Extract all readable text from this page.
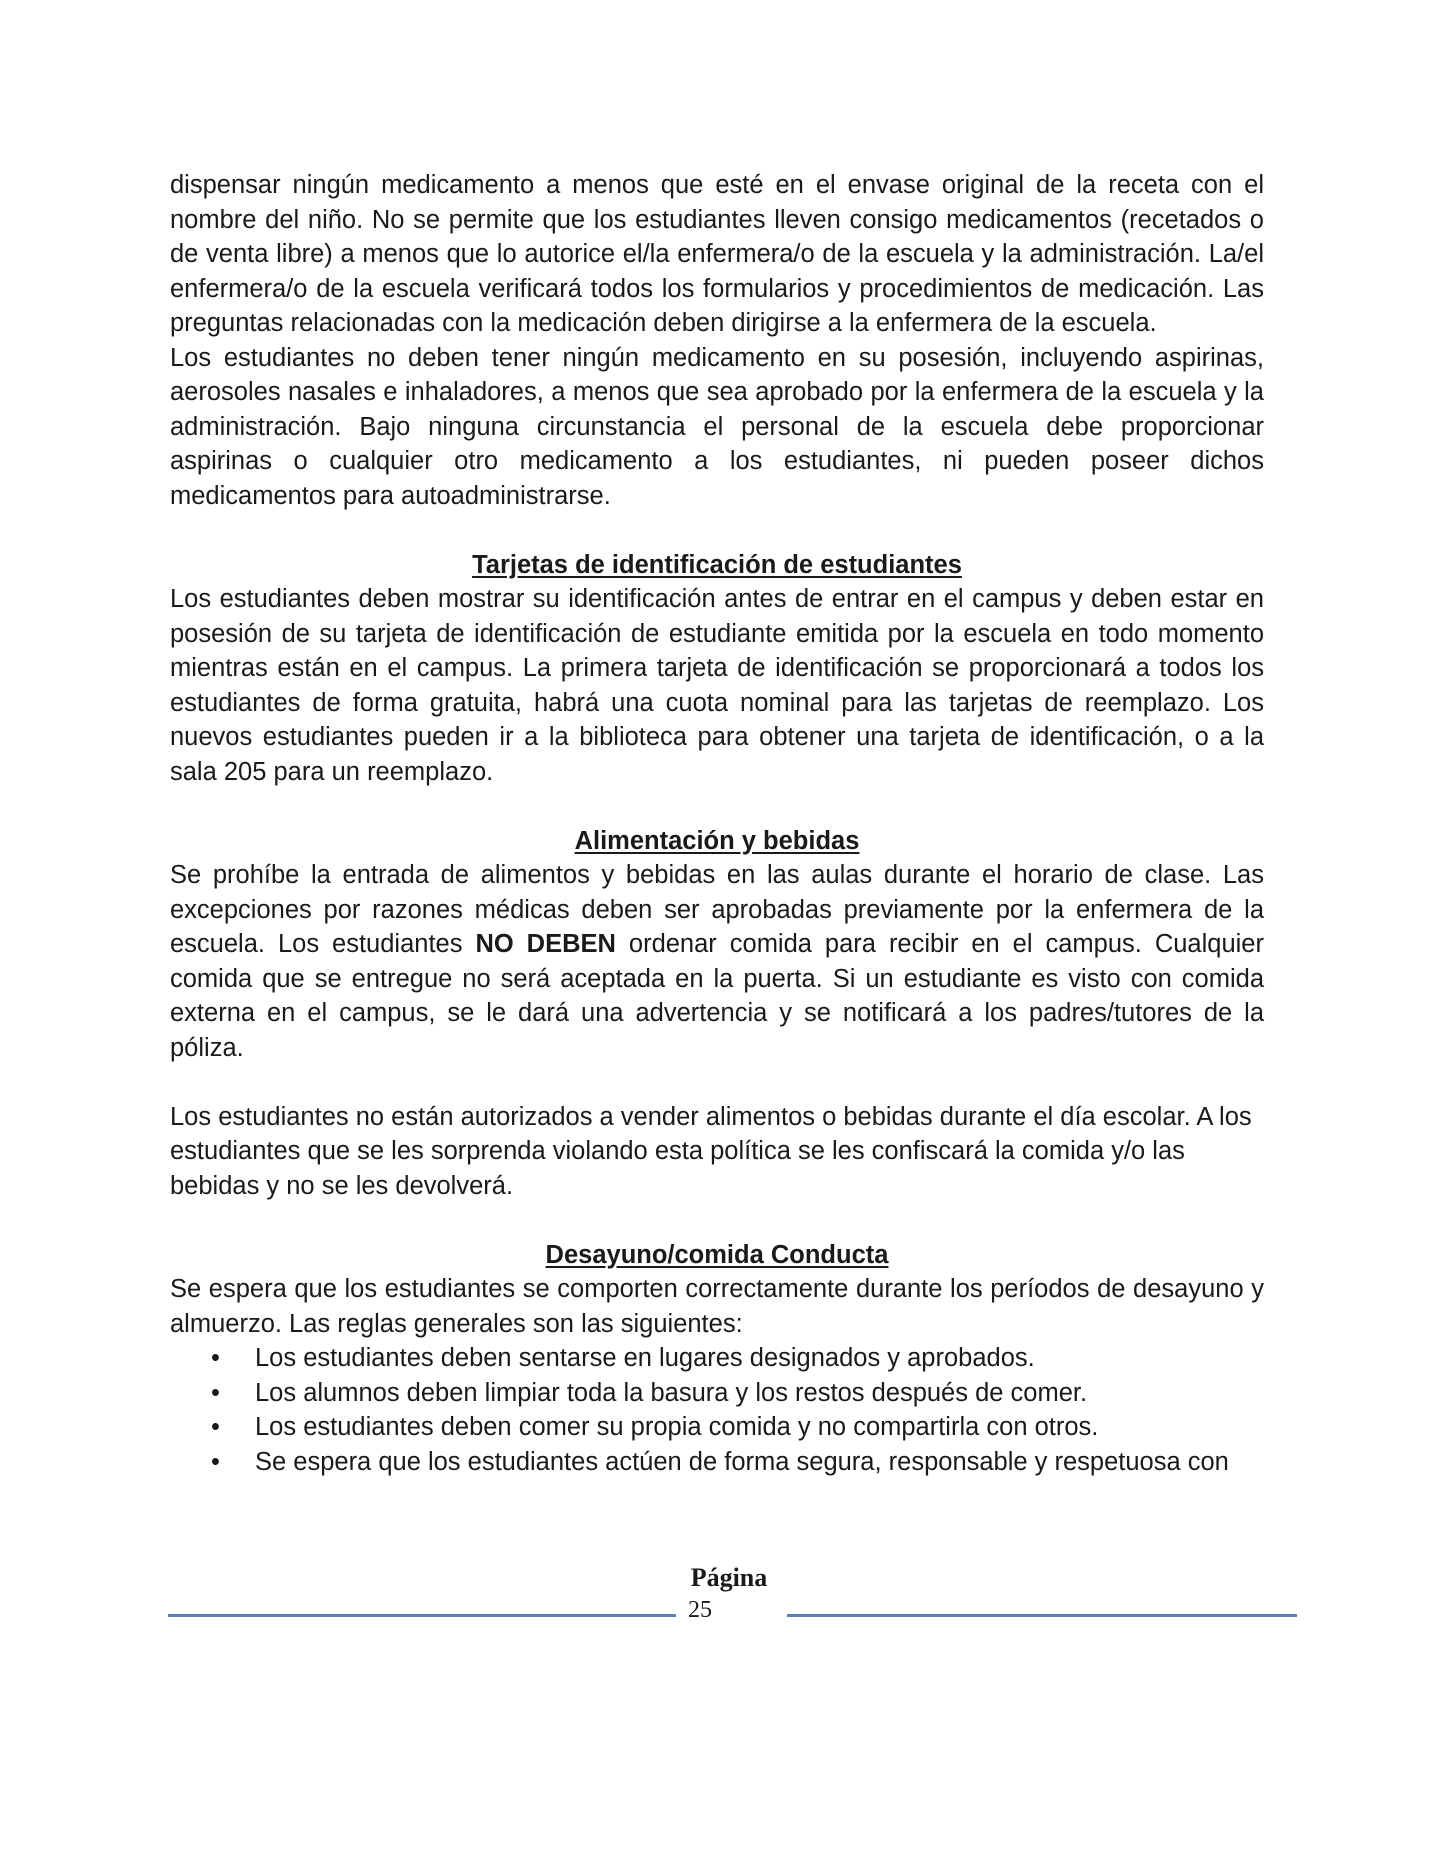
dispensar ningún medicamento a menos que esté en el envase original de la receta con el nombre del niño. No se permite que los estudiantes lleven consigo medicamentos (recetados o de venta libre) a menos que lo autorice el/la enfermera/o de la escuela y la administración. La/el enfermera/o de la escuela verificará todos los formularios y procedimientos de medicación. Las preguntas relacionadas con la medicación deben dirigirse a la enfermera de la escuela.

Los estudiantes no deben tener ningún medicamento en su posesión, incluyendo aspirinas, aerosoles nasales e inhaladores, a menos que sea aprobado por la enfermera de la escuela y la administración. Bajo ninguna circunstancia el personal de la escuela debe proporcionar aspirinas o cualquier otro medicamento a los estudiantes, ni pueden poseer dichos medicamentos para autoadministrarse.

Tarjetas de identificación de estudiantes

Los estudiantes deben mostrar su identificación antes de entrar en el campus y deben estar en posesión de su tarjeta de identificación de estudiante emitida por la escuela en todo momento mientras están en el campus. La primera tarjeta de identificación se proporcionará a todos los estudiantes de forma gratuita, habrá una cuota nominal para las tarjetas de reemplazo. Los nuevos estudiantes pueden ir a la biblioteca para obtener una tarjeta de identificación, o a la sala 205 para un reemplazo.

Alimentación y bebidas

Se prohíbe la entrada de alimentos y bebidas en las aulas durante el horario de clase. Las excepciones por razones médicas deben ser aprobadas previamente por la enfermera de la escuela. Los estudiantes NO DEBEN ordenar comida para recibir en el campus. Cualquier comida que se entregue no será aceptada en la puerta. Si un estudiante es visto con comida externa en el campus, se le dará una advertencia y se notificará a los padres/tutores de la póliza.

Los estudiantes no están autorizados a vender alimentos o bebidas durante el día escolar. A los estudiantes que se les sorprenda violando esta política se les confiscará la comida y/o las bebidas y no se les devolverá.

Desayuno/comida Conducta

Se espera que los estudiantes se comporten correctamente durante los períodos de desayuno y almuerzo. Las reglas generales son las siguientes:

• Los estudiantes deben sentarse en lugares designados y aprobados.
• Los alumnos deben limpiar toda la basura y los restos después de comer.
• Los estudiantes deben comer su propia comida y no compartirla con otros.
• Se espera que los estudiantes actúen de forma segura, responsable y respetuosa con
Página
25
